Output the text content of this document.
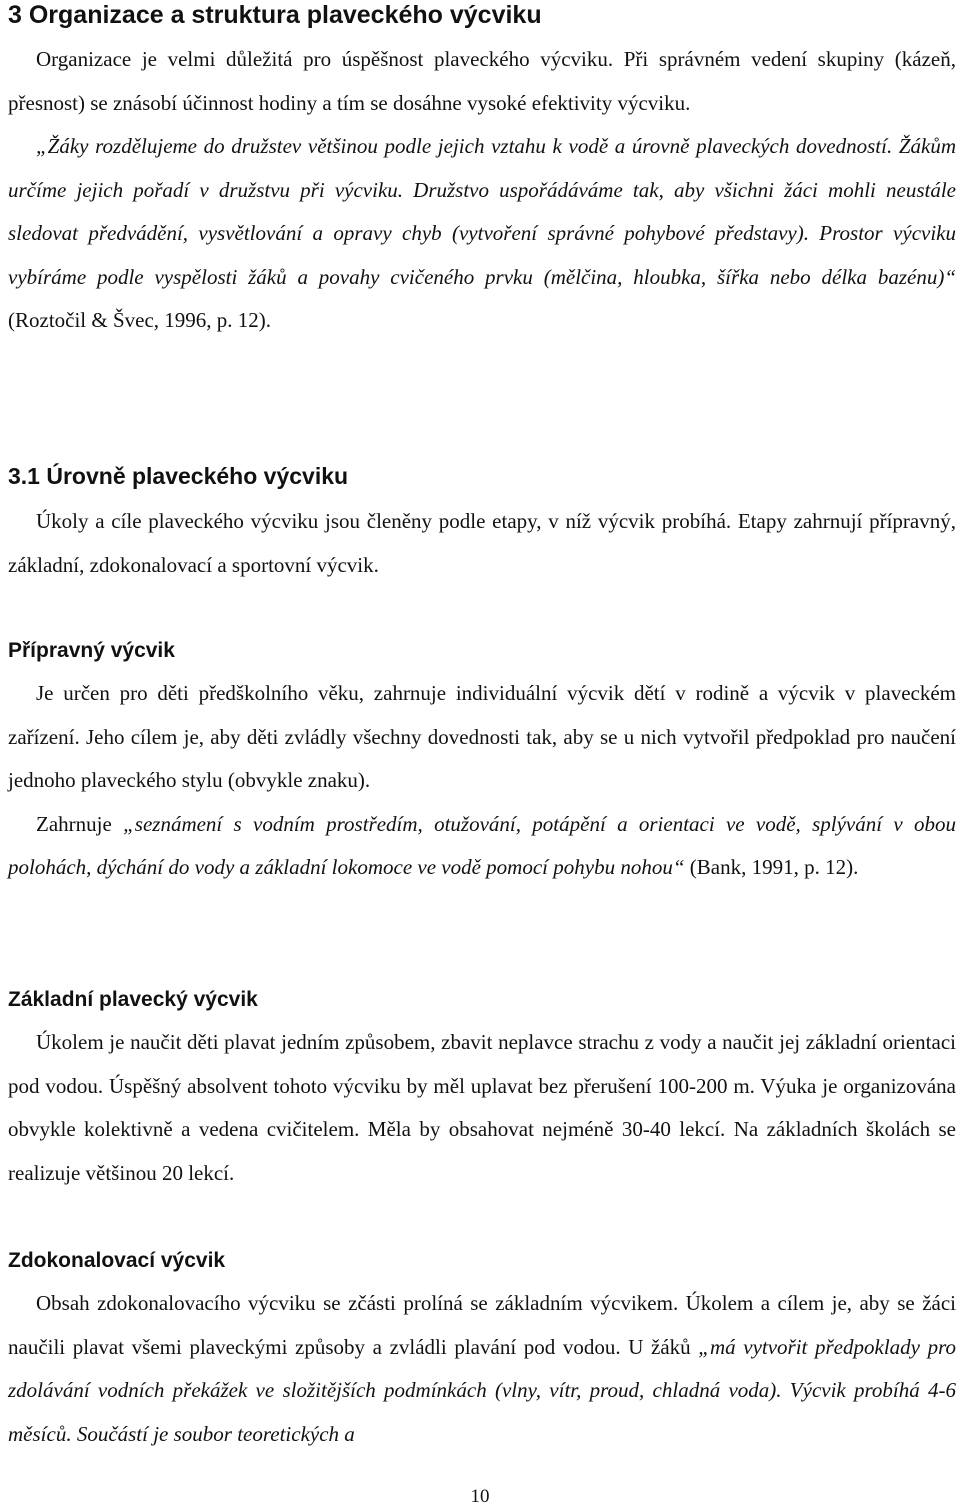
3 Organizace a struktura plaveckého výcviku

Organizace je velmi důležitá pro úspěšnost plaveckého výcviku. Při správném vedení skupiny (kázeň, přesnost) se znásobí účinnost hodiny a tím se dosáhne vysoké efektivity výcviku.

„Žáky rozdělujeme do družstev většinou podle jejich vztahu k vodě a úrovně plaveckých dovedností. Žákům určíme jejich pořadí v družstvu při výcviku. Družstvo uspořádáváme tak, aby všichni žáci mohli neustále sledovat předvádění, vysvětlování a opravy chyb (vytvoření správné pohybové představy). Prostor výcviku vybíráme podle vyspělosti žáků a povahy cvičeného prvku (mělčina, hloubka, šířka nebo délka bazénu)“ (Roztočil & Švec, 1996, p. 12).

3.1 Úrovně plaveckého výcviku

Úkoly a cíle plaveckého výcviku jsou členěny podle etapy, v níž výcvik probíhá. Etapy zahrnují přípravný, základní, zdokonalovací a sportovní výcvik.

Přípravný výcvik

Je určen pro děti předškolního věku, zahrnuje individuální výcvik dětí v rodině a výcvik v plaveckém zařízení. Jeho cílem je, aby děti zvládly všechny dovednosti tak, aby se u nich vytvořil předpoklad pro naučení jednoho plaveckého stylu (obvykle znaku).

Zahrnuje „seznámení s vodním prostředím, otužování, potápění a orientaci ve vodě, splývání v obou polohách, dýchání do vody a základní lokomoce ve vodě pomocí pohybu nohou“ (Bank, 1991, p. 12).

Základní plavecký výcvik

Úkolem je naučit děti plavat jedním způsobem, zbavit neplavce strachu z vody a naučit jej základní orientaci pod vodou. Úspěšný absolvent tohoto výcviku by měl uplavat bez přerušení 100-200 m. Výuka je organizována obvykle kolektivně a vedena cvičitelem. Měla by obsahovat nejméně 30-40 lekcí. Na základních školách se realizuje většinou 20 lekcí.

Zdokonalovací výcvik

Obsah zdokonalovacího výcviku se zčásti prolíná se základním výcvikem. Úkolem a cílem je, aby se žáci naučili plavat všemi plaveckými způsoby a zvládli plavání pod vodou. U žáků „má vytvořit předpoklady pro zdolávání vodních překážek ve složitějších podmínkách (vlny, vítr, proud, chladná voda). Výcvik probíhá 4-6 měsíců. Součástí je soubor teoretických a

10
